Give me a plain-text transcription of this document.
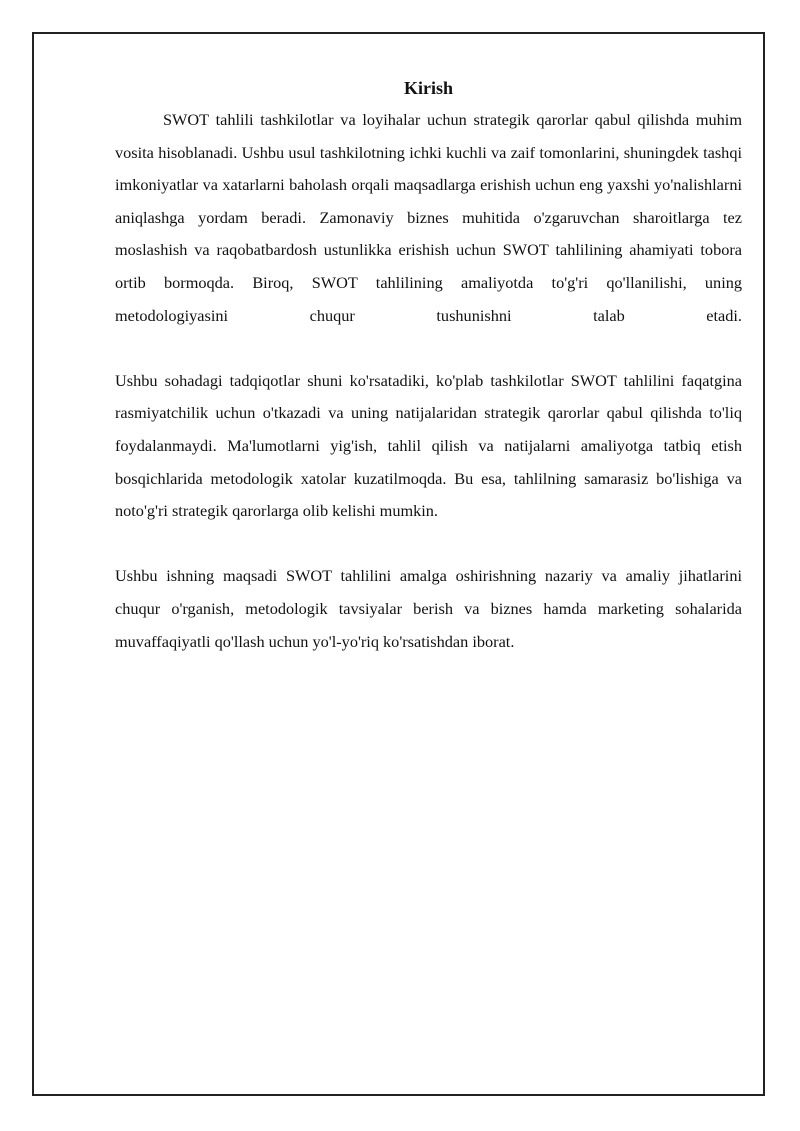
Kirish

SWOT tahlili tashkilotlar va loyihalar uchun strategik qarorlar qabul qilishda muhim vosita hisoblanadi. Ushbu usul tashkilotning ichki kuchli va zaif tomonlarini, shuningdek tashqi imkoniyatlar va xatarlarni baholash orqali maqsadlarga erishish uchun eng yaxshi yo'nalishlarni aniqlashga yordam beradi. Zamonaviy biznes muhitida o'zgaruvchan sharoitlarga tez moslashish va raqobatbardosh ustunlikka erishish uchun SWOT tahlilining ahamiyati tobora ortib bormoqda. Biroq, SWOT tahlilining amaliyotda to'g'ri qo'llanilishi, uning metodologiyasini chuqur tushunishni talab etadi.

Ushbu sohadagi tadqiqotlar shuni ko'rsatadiki, ko'plab tashkilotlar SWOT tahlilini faqatgina rasmiyatchilik uchun o'tkazadi va uning natijalaridan strategik qarorlar qabul qilishda to'liq foydalanmaydi. Ma'lumotlarni yig'ish, tahlil qilish va natijalarni amaliyotga tatbiq etish bosqichlarida metodologik xatolar kuzatilmoqda. Bu esa, tahlilning samarasiz bo'lishiga va noto'g'ri strategik qarorlarga olib kelishi mumkin.

Ushbu ishning maqsadi SWOT tahlilini amalga oshirishning nazariy va amaliy jihatlarini chuqur o'rganish, metodologik tavsiyalar berish va biznes hamda marketing sohalarida muvaffaqiyatli qo'llash uchun yo'l-yo'riq ko'rsatishdan iborat.
